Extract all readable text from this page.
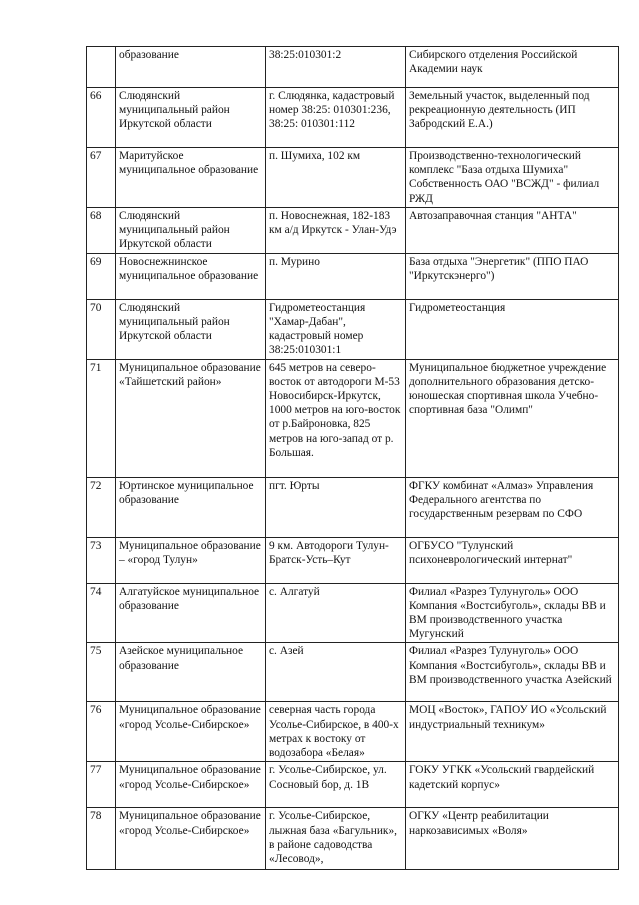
	образование	38:25:010301:2	Сибирского отделения Российской Академии наук
66	Слюдянский муниципальный район Иркутской области	г. Слюдянка, кадастровый номер 38:25: 010301:236, 38:25: 010301:112	Земельный участок, выделенный под рекреационную деятельность (ИП Забродский Е.А.)
67	Маритуйское муниципальное образование	п. Шумиха, 102 км	Производственно-технологический комплекс "База отдыха Шумиха" Собственность ОАО "ВСЖД" - филиал РЖД
68	Слюдянский муниципальный район Иркутской области	п. Новоснежная, 182-183 км а/д Иркутск - Улан-Удэ	Автозаправочная станция "АНТА"
69	Новоснежнинское муниципальное образование	п. Мурино	База отдыха "Энергетик" (ППО ПАО "Иркутскэнерго")
70	Слюдянский муниципальный район Иркутской области	Гидрометеостанция "Хамар-Дабан", кадастровый номер 38:25:010301:1	Гидрометеостанция
71	Муниципальное образование «Тайшетский район»	645 метров на северо-восток от автодороги М-53 Новосибирск-Иркутск, 1000 метров на юго-восток от р.Байроновка, 825 метров на юго-запад от р. Большая.	Муниципальное бюджетное учреждение дополнительного образования детско-юношеская спортивная школа Учебно-спортивная база "Олимп"
72	Юртинское муниципальное образование	пгт. Юрты	ФГКУ комбинат «Алмаз» Управления Федерального агентства по государственным резервам по СФО
73	Муниципальное образование – «город Тулун»	9 км. Автодороги Тулун-Братск-Усть–Кут	ОГБУСО "Тулунский психоневрологический интернат"
74	Алгатуйское муниципальное образование	с. Алгатуй	Филиал «Разрез Тулунуголь» ООО Компания «Востсибуголь», склады ВВ и ВМ производственного участка Мугунский
75	Азейское муниципальное образование	с. Азей	Филиал «Разрез Тулунуголь» ООО Компания «Востсибуголь», склады ВВ и ВМ производственного участка Азейский
76	Муниципальное образование «город Усолье-Сибирское»	северная часть города Усолье-Сибирское, в 400-х метрах к востоку от водозабора «Белая»	МОЦ «Восток», ГАПОУ ИО «Усольский индустриальный техникум»
77	Муниципальное образование «город Усолье-Сибирское»	г. Усолье-Сибирское, ул. Сосновый бор, д. 1В	ГОКУ УГКК «Усольский гвардейский кадетский корпус»
78	Муниципальное образование «город Усолье-Сибирское»	г. Усолье-Сибирское, лыжная база «Багульник», в районе садоводства «Лесовод»,	ОГКУ «Центр реабилитации наркозависимых «Воля»
